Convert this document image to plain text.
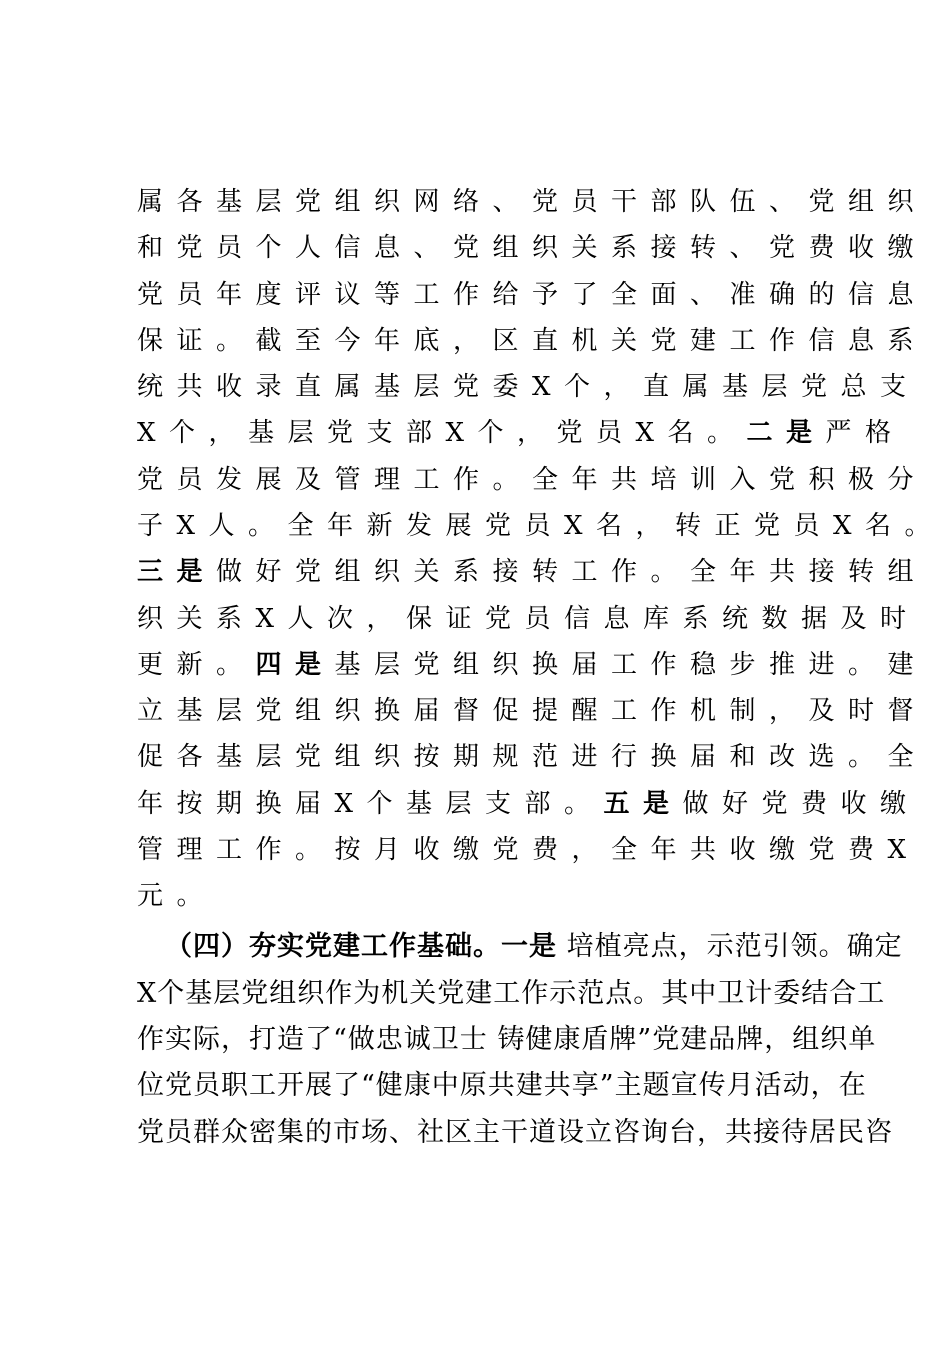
属各基层党组织网络、党员干部队伍、党组织
和党员个人信息、党组织关系接转、党费收缴
党员年度评议等工作给予了全面、准确的信息
保证。截至今年底，区直机关党建工作信息系
统共收录直属基层党委X个，直属基层党总支
X个，基层党支部X个，党员X名。二是严格
党员发展及管理工作。全年共培训入党积极分
子X人。全年新发展党员X名，转正党员X名。
三是做好党组织关系接转工作。全年共接转组
织关系X人次，保证党员信息库系统数据及时
更新。四是基层党组织换届工作稳步推进。建
立基层党组织换届督促提醒工作机制，及时督
促各基层党组织按期规范进行换届和改选。全
年按期换届X个基层支部。五是做好党费收缴
管理工作。按月收缴党费，全年共收缴党费X
元。
（四）夯实党建工作基础。一是 培植亮点，示范引领。确定
X个基层党组织作为机关党建工作示范点。其中卫计委结合工
作实际，打造了“做忠诚卫士 铸健康盾牌”党建品牌，组织单
位党员职工开展了“健康中原共建共享”主题宣传月活动，在
党员群众密集的市场、社区主干道设立咨询台，共接待居民咨
